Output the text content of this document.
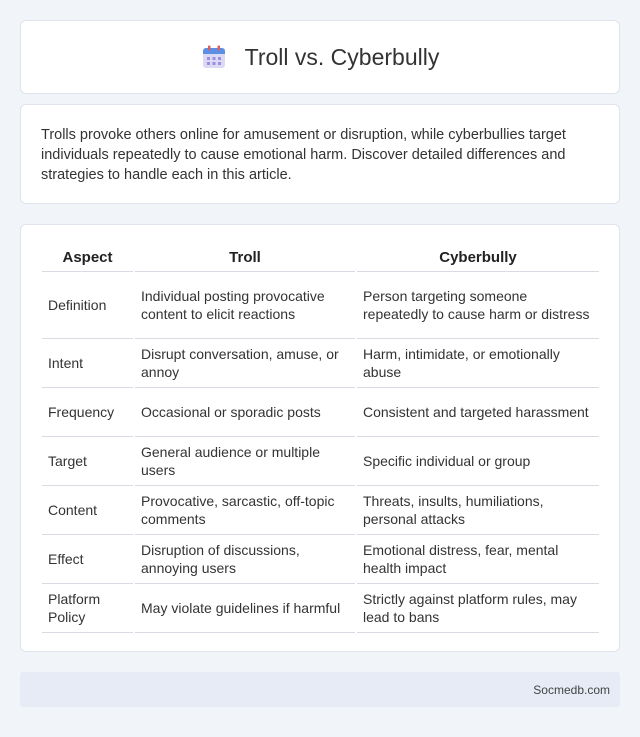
Troll vs. Cyberbully

Trolls provoke others online for amusement or disruption, while cyberbullies target individuals repeatedly to cause emotional harm. Discover detailed differences and strategies to handle each in this article.

Aspect	Troll	Cyberbully
Definition	Individual posting provocative content to elicit reactions	Person targeting someone repeatedly to cause harm or distress
Intent	Disrupt conversation, amuse, or annoy	Harm, intimidate, or emotionally abuse
Frequency	Occasional or sporadic posts	Consistent and targeted harassment
Target	General audience or multiple users	Specific individual or group
Content	Provocative, sarcastic, off-topic comments	Threats, insults, humiliations, personal attacks
Effect	Disruption of discussions, annoying users	Emotional distress, fear, mental health impact
Platform Policy	May violate guidelines if harmful	Strictly against platform rules, may lead to bans
Socmedb.com
